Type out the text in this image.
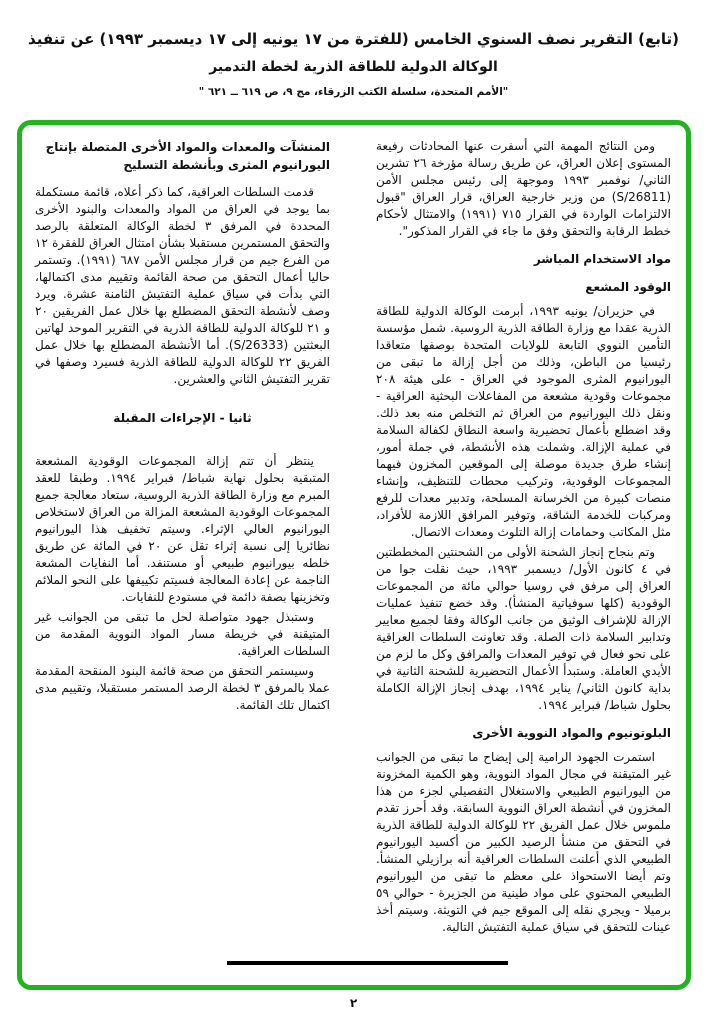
(تابع) التقرير نصف السنوي الخامس (للفترة من ١٧ يونيه إلى ١٧ ديسمبر ١٩٩٣) عن تنفيذ
الوكالة الدولية للطاقة الذرية لخطة التدمير
"الأمم المتحدة، سلسلة الكتب الزرقاء، مج ٩، ص ٦١٩ ــ ٦٢١ "

ومن النتائج المهمة التي أسفرت عنها المحادثات رفيعة المستوى إعلان العراق، عن طريق رسالة مؤرخة ٢٦ تشرين الثاني/ نوفمبر ١٩٩٣ وموجهة إلى رئيس مجلس الأمن (S/26811) من وزير خارجية العراق، قرار العراق "قبول الالتزامات الواردة في القرار ٧١٥ (١٩٩١) والامتثال لأحكام خطط الرقابة والتحقق وفق ما جاء في القرار المذكور".

مواد الاستخدام المباشر
الوقود المشعع

في حزيران/ يونيه ١٩٩٣، أبرمت الوكالة الدولية للطاقة الذرية عقدا مع وزارة الطاقة الذرية الروسية. شمل مؤسسة التأمين النووي التابعة للولايات المتحدة بوصفها متعاقدا رئيسيا من الباطن، وذلك من أجل إزالة ما تبقى من اليورانيوم المثرى الموجود في العراق - على هيئة ٢٠٨ مجموعات وقودية مشععة من المفاعلات البحثية العراقية - ونقل ذلك اليورانيوم من العراق ثم التخلص منه بعد ذلك. وقد اضطلع بأعمال تحضيرية واسعة النطاق لكفالة السلامة في عملية الإزالة. وشملت هذه الأنشطة، في جملة أمور، إنشاء طرق جديدة موصلة إلى الموقعين المخزون فيهما المجموعات الوقودية، وتركيب محطات للتنظيف، وإنشاء منصات كبيرة من الخرسانة المسلحة، وتدبير معدات للرفع ومركبات للخدمة الشاقة، وتوفير المرافق اللازمة للأفراد، مثل المكاتب وحمامات إزالة التلوث ومعدات الاتصال.

وتم بنجاح إنجاز الشحنة الأولى من الشحنتين المخططتين في ٤ كانون الأول/ ديسمبر ١٩٩٣، حيث نقلت جوا من العراق إلى مرفق في روسيا حوالي مائة من المجموعات الوقودية (كلها سوفياتية المنشأ). وقد خضع تنفيذ عمليات الإزالة للإشراف الوثيق من جانب الوكالة وفقا لجميع معايير وتدابير السلامة ذات الصلة. وقد تعاونت السلطات العراقية على نحو فعال في توفير المعدات والمرافق وكل ما لزم من الأيدي العاملة. وستبدأ الأعمال التحضيرية للشحنة الثانية في بداية كانون الثاني/ يناير ١٩٩٤، بهدف إنجاز الإزالة الكاملة بحلول شباط/ فبراير ١٩٩٤.

البلوتونيوم والمواد النووية الأخرى

استمرت الجهود الرامية إلى إيضاح ما تبقى من الجوانب غير المتيقنة في مجال المواد النووية، وهو الكمية المخزونة من اليورانيوم الطبيعي والاستغلال التفصيلي لجزء من هذا المخزون في أنشطة العراق النووية السابقة. وقد أحرز تقدم ملموس خلال عمل الفريق ٢٢ للوكالة الدولية للطاقة الذرية في التحقق من منشأ الرصيد الكبير من أكسيد اليورانيوم الطبيعي الذي أعلنت السلطات العراقية أنه برازيلي المنشأ. وتم أيضا الاستحواذ على معظم ما تبقى من اليورانيوم الطبيعي المحتوي على مواد طينية من الجزيرة - حوالي ٥٩ برميلا - ويجري نقله إلى الموقع جيم في التويثة. وسيتم أخذ عينات للتحقق في سياق عملية التفتيش التالية.

المنشآت والمعدات والمواد الأخرى المتصلة بإنتاج اليورانيوم المثرى وبأنشطة التسليح

قدمت السلطات العراقية، كما ذكر أعلاه، قائمة مستكملة بما يوجد في العراق من المواد والمعدات والبنود الأخرى المحددة في المرفق ٣ لخطة الوكالة المتعلقة بالرصد والتحقق المستمرين مستقبلا بشأن امتثال العراق للفقرة ١٢ من الفرع جيم من قرار مجلس الأمن ٦٨٧ (١٩٩١). وتستمر حاليا أعمال التحقق من صحة القائمة وتقييم مدى اكتمالها، التي بدأت في سياق عملية التفتيش الثامنة عشرة. ويرد وصف لأنشطة التحقق المضطلع بها خلال عمل الفريقين ٢٠ و ٢١ للوكالة الدولية للطاقة الذرية في التقرير الموحد لهاتين البعثتين (S/26333). أما الأنشطة المضطلع بها خلال عمل الفريق ٢٢ للوكالة الدولية للطاقة الذرية فسيرد وصفها في تقرير التفتيش الثاني والعشرين.

ثانيا - الإجراءات المقبلة

ينتظر أن تتم إزالة المجموعات الوقودية المشععة المتبقية بحلول نهاية شباط/ فبراير ١٩٩٤. وطبقا للعقد المبرم مع وزارة الطاقة الذرية الروسية، ستعاد معالجة جميع المجموعات الوقودية المشععة المزالة من العراق لاستخلاص اليورانيوم العالي الإثراء. وسيتم تخفيف هذا اليورانيوم نظائريا إلى نسبة إثراء تقل عن ٢٠ في المائة عن طريق خلطه بيورانيوم طبيعي أو مستنفد. أما النفايات المشعة الناجمة عن إعادة المعالجة فسيتم تكييفها على النحو الملائم وتخزينها بصفة دائمة في مستودع للنفايات.

وستبذل جهود متواصلة لحل ما تبقى من الجوانب غير المتيقنة في خريطة مسار المواد النووية المقدمة من السلطات العراقية.

وسيستمر التحقق من صحة قائمة البنود المنقحة المقدمة عملا بالمرفق ٣ لخطة الرصد المستمر مستقبلا، وتقييم مدى اكتمال تلك القائمة.

٢
